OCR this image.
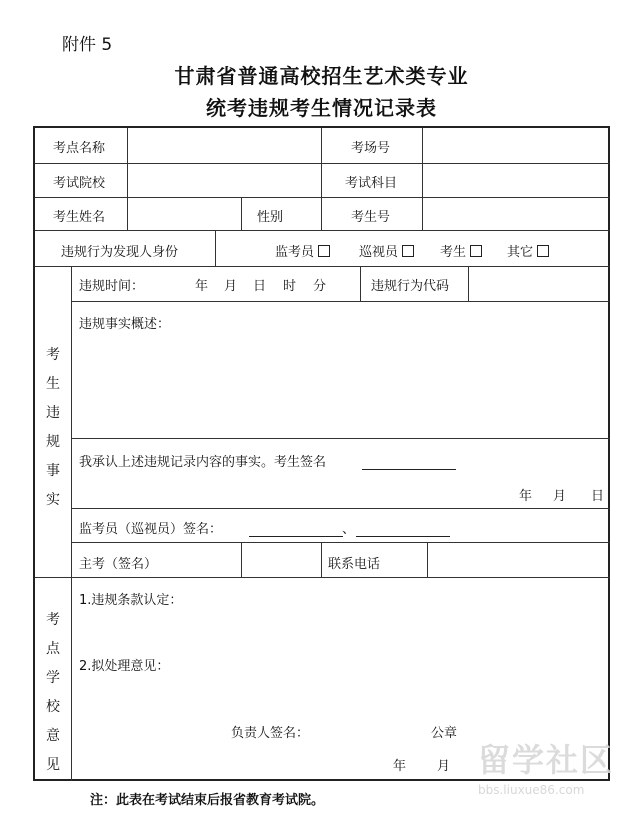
附件 5
甘肃省普通高校招生艺术类专业
统考违规考生情况记录表
考点名称	考场号
考试院校	考试科目
考生姓名	性别	考生号
违规行为发现人身份	监考员	巡视员	考生	其它
考
生
违
规
事
实
违规时间：	年 月 日 时 分	违规行为代码
违规事实概述：
我承认上述违规记录内容的事实。考生签名
年 月 日
监考员（巡视员）签名：	、
主考（签名）	联系电话
考
点
学
校
意
见
1.违规条款认定：
2.拟处理意见：
负责人签名：	公章
年 月
注：此表在考试结束后报省教育考试院。
留学社区
bbs.liuxue86.com
